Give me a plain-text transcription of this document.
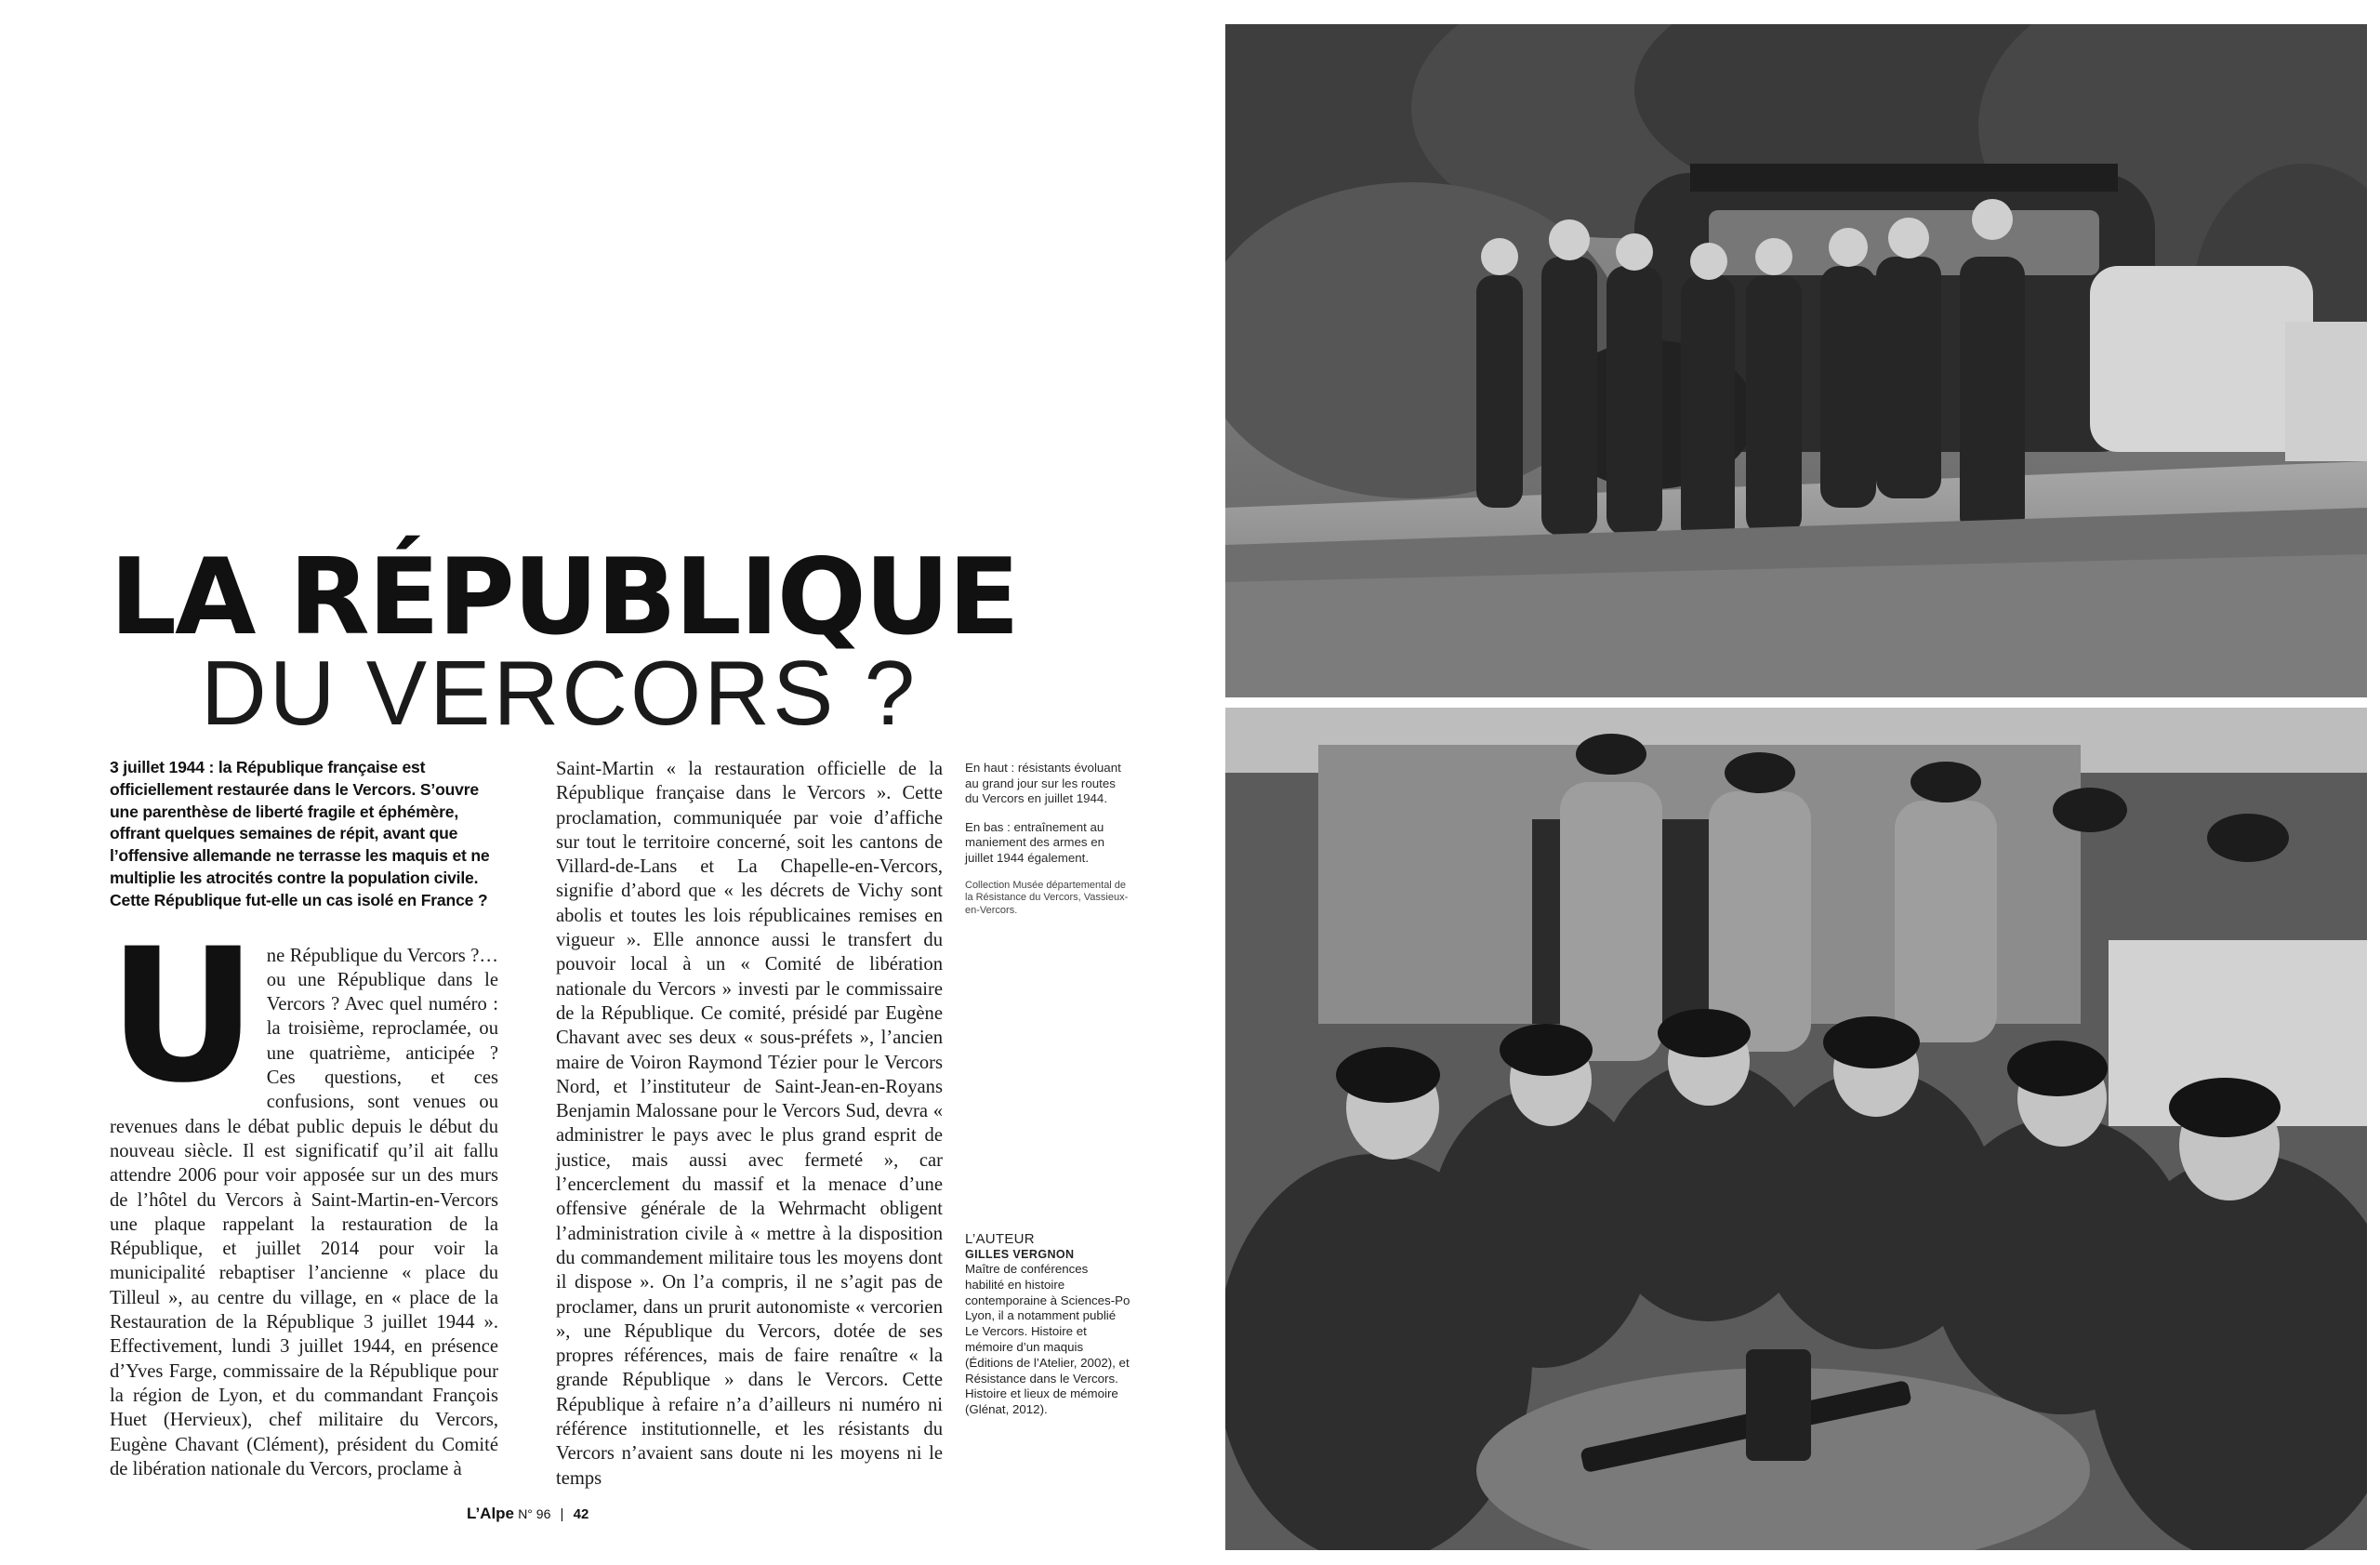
LA RÉPUBLIQUE
DU VERCORS ?

3 juillet 1944 : la République française est officiellement restaurée dans le Vercors. S’ouvre une parenthèse de liberté fragile et éphémère, offrant quelques semaines de répit, avant que l’offensive allemande ne terrasse les maquis et ne multiplie les atrocités contre la population civile. Cette République fut-elle un cas isolé en France ?

Une République du Vercors ?… ou une République dans le Vercors ? Avec quel numéro : la troisième, reproclamée, ou une quatrième, anticipée ? Ces questions, et ces confusions, sont venues ou revenues dans le débat public depuis le début du nouveau siècle. Il est significatif qu’il ait fallu attendre 2006 pour voir apposée sur un des murs de l’hôtel du Vercors à Saint-Martin-en-Vercors une plaque rappelant la restauration de la République, et juillet 2014 pour voir la municipalité rebaptiser l’ancienne « place du Tilleul », au centre du village, en « place de la Restauration de la République 3 juillet 1944 ». Effectivement, lundi 3 juillet 1944, en présence d’Yves Farge, commissaire de la République pour la région de Lyon, et du commandant François Huet (Hervieux), chef militaire du Vercors, Eugène Chavant (Clément), président du Comité de libération nationale du Vercors, proclame à

Saint-Martin « la restauration officielle de la République française dans le Vercors ». Cette proclamation, communiquée par voie d’affiche sur tout le territoire concerné, soit les cantons de Villard-de-Lans et La Chapelle-en-Vercors, signifie d’abord que « les décrets de Vichy sont abolis et toutes les lois républicaines remises en vigueur ». Elle annonce aussi le transfert du pouvoir local à un « Comité de libération nationale du Vercors » investi par le commissaire de la République. Ce comité, présidé par Eugène Chavant avec ses deux « sous-préfets », l’ancien maire de Voiron Raymond Tézier pour le Vercors Nord, et l’instituteur de Saint-Jean-en-Royans Benjamin Malossane pour le Vercors Sud, devra « administrer le pays avec le plus grand esprit de justice, mais aussi avec fermeté », car l’encerclement du massif et la menace d’une offensive générale de la Wehrmacht obligent l’administration civile à « mettre à la disposition du commandement militaire tous les moyens dont il dispose ». On l’a compris, il ne s’agit pas de proclamer, dans un prurit autonomiste « vercorien », une République du Vercors, dotée de ses propres références, mais de faire renaître « la grande République » dans le Vercors. Cette République à refaire n’a d’ailleurs ni numéro ni référence institutionnelle, et les résistants du Vercors n’avaient sans doute ni les moyens ni le temps

En haut : résistants évoluant au grand jour sur les routes du Vercors en juillet 1944.

En bas : entraînement au maniement des armes en juillet 1944 également.

Collection Musée départemental de la Résistance du Vercors, Vassieux-en-Vercors.

L’AUTEUR

GILLES VERGNON

Maître de conférences habilité en histoire contemporaine à Sciences-Po Lyon, il a notamment publié Le Vercors. Histoire et mémoire d’un maquis (Éditions de l’Atelier, 2002), et Résistance dans le Vercors. Histoire et lieux de mémoire (Glénat, 2012).

L’Alpe N° 96 | 42
